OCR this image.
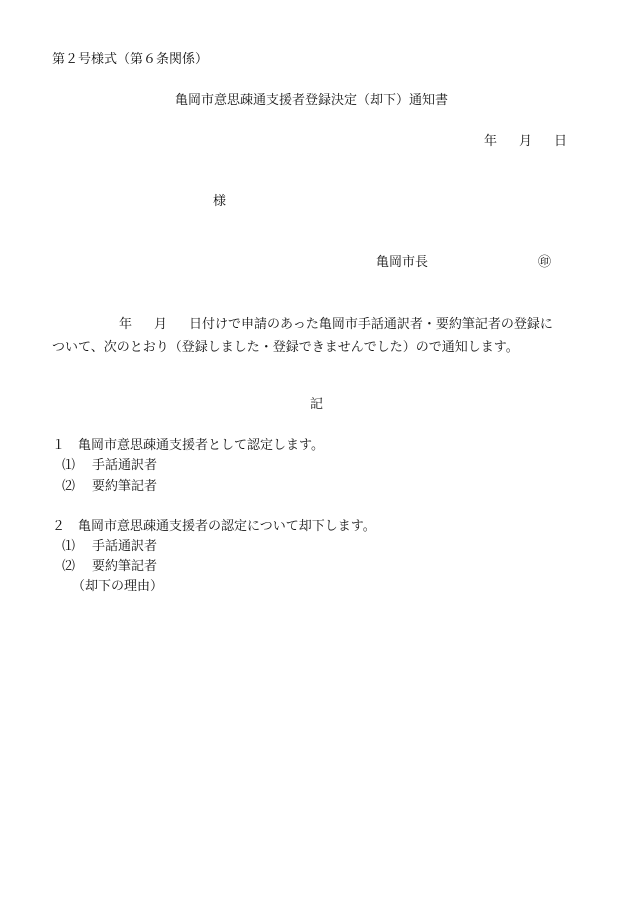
第２号様式（第６条関係）
亀岡市意思疎通支援者登録決定（却下）通知書
年 月 日
様
亀岡市長	㊞
年 月 日付けで申請のあった亀岡市手話通訳者・要約筆記者の登録に
ついて、次のとおり（登録しました・登録できませんでした）ので通知します。
記
１ 亀岡市意思疎通支援者として認定します。
⑴ 手話通訳者
⑵ 要約筆記者
２ 亀岡市意思疎通支援者の認定について却下します。
⑴ 手話通訳者
⑵ 要約筆記者
（却下の理由）
